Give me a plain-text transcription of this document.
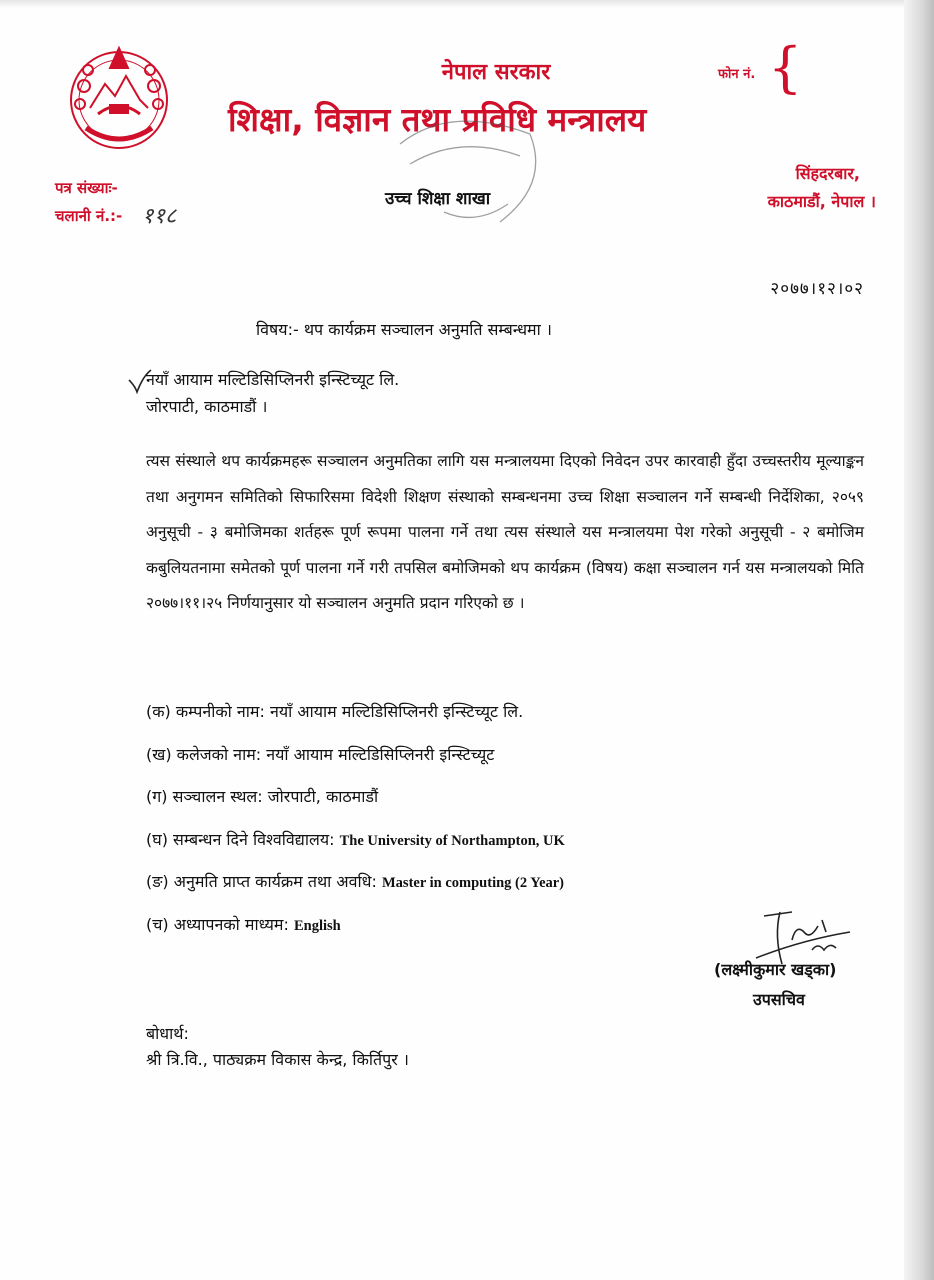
नेपाल सरकार
शिक्षा, विज्ञान तथा प्रविधि मन्त्रालय
उच्च शिक्षा शाखा
फोन नं. {
सिंहदरबार,
काठमाडौं, नेपाल ।
पत्र संख्याः-
चलानी नं.:- ११८
२०७७।१२।०२
विषय:- थप कार्यक्रम सञ्चालन अनुमति सम्बन्धमा ।
नयाँ आयाम मल्टिडिसिप्लिनरी इन्स्टिच्यूट लि.
जोरपाटी, काठमाडौं ।
त्यस संस्थाले थप कार्यक्रमहरू सञ्चालन अनुमतिका लागि यस मन्त्रालयमा दिएको निवेदन उपर कारवाही हुँदा उच्चस्तरीय मूल्याङ्कन तथा अनुगमन समितिको सिफारिसमा विदेशी शिक्षण संस्थाको सम्बन्धनमा उच्च शिक्षा सञ्चालन गर्ने सम्बन्धी निर्देशिका, २०५९ अनुसूची - ३ बमोजिमका शर्तहरू पूर्ण रूपमा पालना गर्ने तथा त्यस संस्थाले यस मन्त्रालयमा पेश गरेको अनुसूची - २ बमोजिम कबुलियतनामा समेतको पूर्ण पालना गर्ने गरी तपसिल बमोजिमको थप कार्यक्रम (विषय) कक्षा सञ्चालन गर्न यस मन्त्रालयको मिति २०७७।११।२५ निर्णयानुसार यो सञ्चालन अनुमति प्रदान गरिएको छ ।
(क) कम्पनीको नाम: नयाँ आयाम मल्टिडिसिप्लिनरी इन्स्टिच्यूट लि.
(ख) कलेजको नाम: नयाँ आयाम मल्टिडिसिप्लिनरी इन्स्टिच्यूट
(ग) सञ्चालन स्थल: जोरपाटी, काठमाडौं
(घ) सम्बन्धन दिने विश्वविद्यालय: The University of Northampton, UK
(ङ) अनुमति प्राप्त कार्यक्रम तथा अवधि: Master in computing (2 Year)
(च) अध्यापनको माध्यम: English
(लक्ष्मीकुमार खड्का)
उपसचिव
बोधार्थ:
श्री त्रि.वि., पाठ्यक्रम विकास केन्द्र, किर्तिपुर ।
